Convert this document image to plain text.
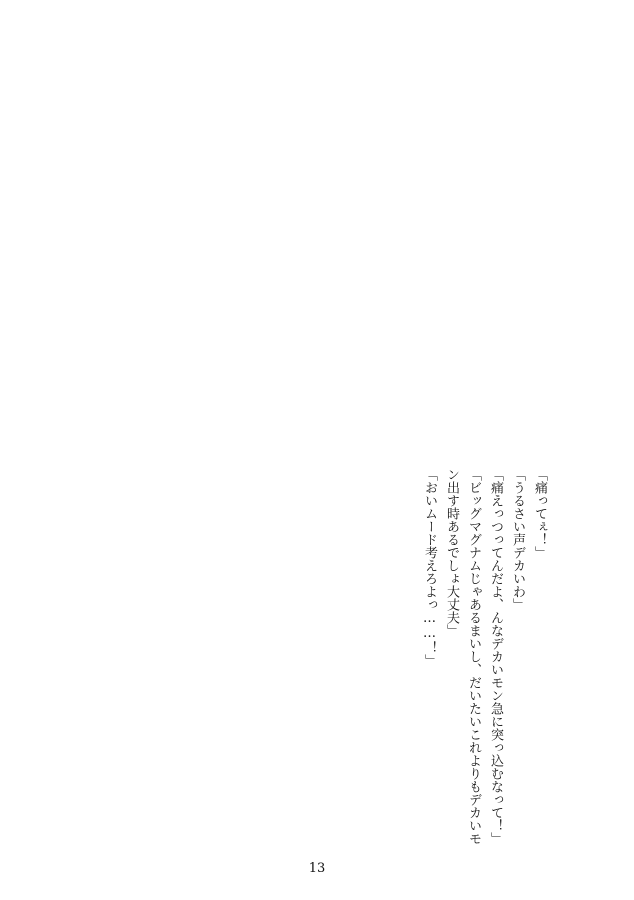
「痛ってぇ！」
「うるさい声デカいわ」
「痛えっつってんだよ、んなデカいモン急に突っ込むなって！」
「ビッグマグナムじゃあるまいし、だいたいこれよりもデカいモン出す時あるでしょ大丈夫」
「おいムード考えろよっ……！」
13
